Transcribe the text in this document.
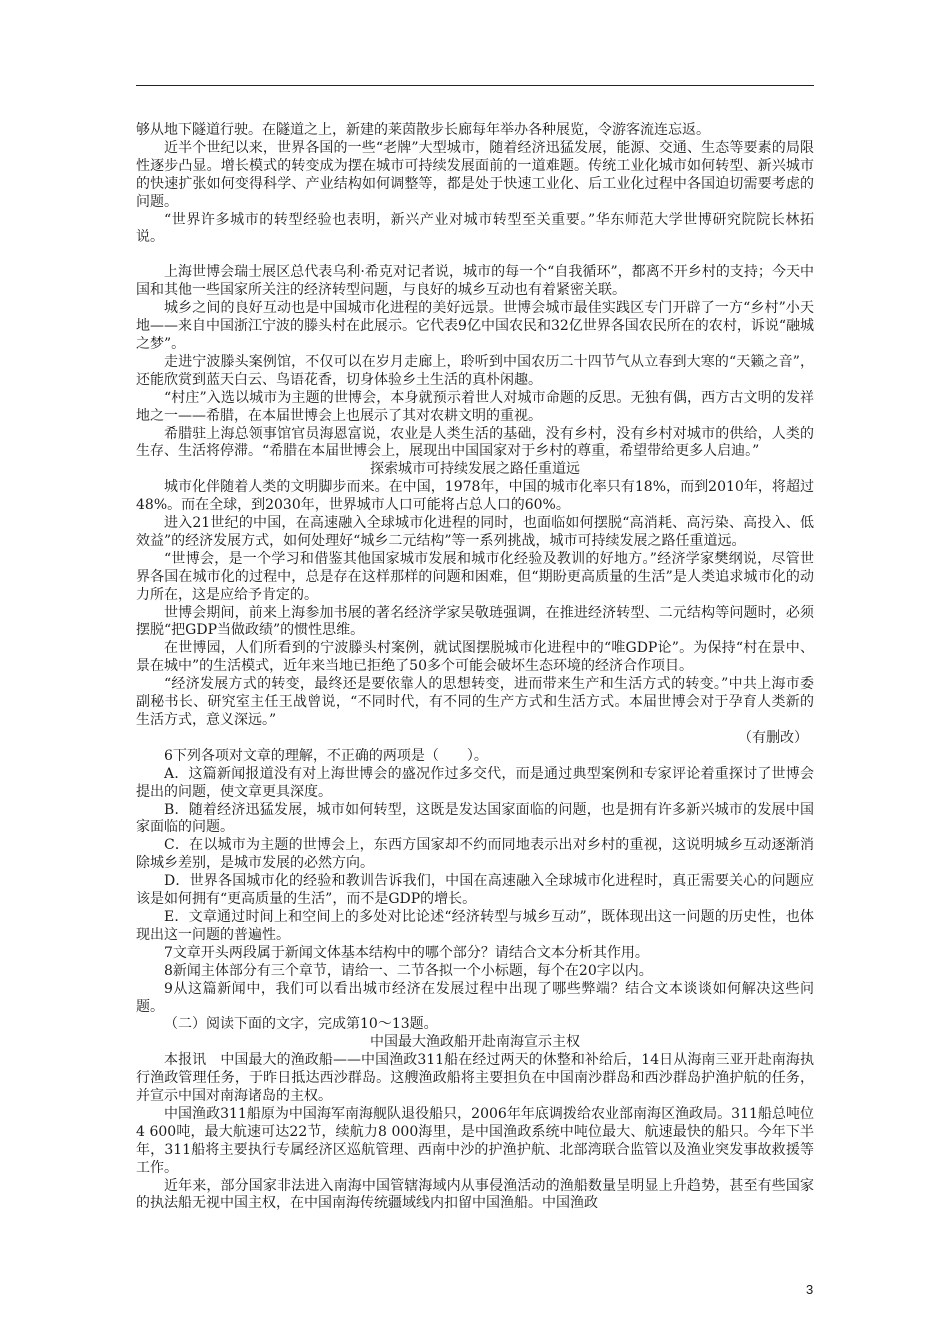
够从地下隧道行驶。在隧道之上，新建的莱茵散步长廊每年举办各种展览，令游客流连忘返。

近半个世纪以来，世界各国的一些“老牌”大型城市，随着经济迅猛发展，能源、交通、生态等要素的局限性逐步凸显。增长模式的转变成为摆在城市可持续发展面前的一道难题。传统工业化城市如何转型、新兴城市的快速扩张如何变得科学、产业结构如何调整等，都是处于快速工业化、后工业化过程中各国迫切需要考虑的问题。

“世界许多城市的转型经验也表明，新兴产业对城市转型至关重要。”华东师范大学世博研究院院长林拓说。

上海世博会瑞士展区总代表乌利·希克对记者说，城市的每一个“自我循环”，都离不开乡村的支持；今天中国和其他一些国家所关注的经济转型问题，与良好的城乡互动也有着紧密关联。

城乡之间的良好互动也是中国城市化进程的美好远景。世博会城市最佳实践区专门开辟了一方“乡村”小天地——来自中国浙江宁波的滕头村在此展示。它代表9亿中国农民和32亿世界各国农民所在的农村，诉说“融城之梦”。

走进宁波滕头案例馆，不仅可以在岁月走廊上，聆听到中国农历二十四节气从立春到大寒的“天籁之音”，还能欣赏到蓝天白云、鸟语花香，切身体验乡土生活的真朴闲趣。

“村庄”入选以城市为主题的世博会，本身就预示着世人对城市命题的反思。无独有偶，西方古文明的发祥地之一——希腊，在本届世博会上也展示了其对农耕文明的重视。

希腊驻上海总领事馆官员海恩富说，农业是人类生活的基础，没有乡村，没有乡村对城市的供给，人类的生存、生活将停滞。“希腊在本届世博会上，展现出中国国家对于乡村的尊重，希望带给更多人启迪。”

探索城市可持续发展之路任重道远

城市化伴随着人类的文明脚步而来。在中国，1978年，中国的城市化率只有18%，而到2010年，将超过48%。而在全球，到2030年，世界城市人口可能将占总人口的60%。

进入21世纪的中国，在高速融入全球城市化进程的同时，也面临如何摆脱“高消耗、高污染、高投入、低效益”的经济发展方式，如何处理好“城乡二元结构”等一系列挑战，城市可持续发展之路任重道远。

“世博会，是一个学习和借鉴其他国家城市发展和城市化经验及教训的好地方。”经济学家樊纲说，尽管世界各国在城市化的过程中，总是存在这样那样的问题和困难，但“期盼更高质量的生活”是人类追求城市化的动力所在，这是应给予肯定的。

世博会期间，前来上海参加书展的著名经济学家吴敬琏强调，在推进经济转型、二元结构等问题时，必须摆脱“把GDP当做政绩”的惯性思维。

在世博园，人们所看到的宁波滕头村案例，就试图摆脱城市化进程中的“唯GDP论”。为保持“村在景中、景在城中”的生活模式，近年来当地已拒绝了50多个可能会破坏生态环境的经济合作项目。

“经济发展方式的转变，最终还是要依靠人的思想转变，进而带来生产和生活方式的转变。”中共上海市委副秘书长、研究室主任王战曾说，“不同时代，有不同的生产方式和生活方式。本届世博会对于孕育人类新的生活方式，意义深远。”

（有删改）

6下列各项对文章的理解，不正确的两项是（　　）。

A．这篇新闻报道没有对上海世博会的盛况作过多交代，而是通过典型案例和专家评论着重探讨了世博会提出的问题，使文章更具深度。

B．随着经济迅猛发展，城市如何转型，这既是发达国家面临的问题，也是拥有许多新兴城市的发展中国家面临的问题。

C．在以城市为主题的世博会上，东西方国家却不约而同地表示出对乡村的重视，这说明城乡互动逐渐消除城乡差别，是城市发展的必然方向。

D．世界各国城市化的经验和教训告诉我们，中国在高速融入全球城市化进程时，真正需要关心的问题应该是如何拥有“更高质量的生活”，而不是GDP的增长。

E．文章通过时间上和空间上的多处对比论述“经济转型与城乡互动”，既体现出这一问题的历史性，也体现出这一问题的普遍性。

7文章开头两段属于新闻文体基本结构中的哪个部分？请结合文本分析其作用。

8新闻主体部分有三个章节，请给一、二节各拟一个小标题，每个在20字以内。

9从这篇新闻中，我们可以看出城市经济在发展过程中出现了哪些弊端？结合文本谈谈如何解决这些问题。

（二）阅读下面的文字，完成第10～13题。

中国最大渔政船开赴南海宣示主权

本报讯　中国最大的渔政船——中国渔政311船在经过两天的休整和补给后，14日从海南三亚开赴南海执行渔政管理任务，于昨日抵达西沙群岛。这艘渔政船将主要担负在中国南沙群岛和西沙群岛护渔护航的任务，并宣示中国对南海诸岛的主权。

中国渔政311船原为中国海军南海舰队退役船只，2006年年底调拨给农业部南海区渔政局。311船总吨位4 600吨，最大航速可达22节，续航力8 000海里，是中国渔政系统中吨位最大、航速最快的船只。今年下半年，311船将主要执行专属经济区巡航管理、西南中沙的护渔护航、北部湾联合监管以及渔业突发事故救援等工作。

近年来，部分国家非法进入南海中国管辖海域内从事侵渔活动的渔船数量呈明显上升趋势，甚至有些国家的执法船无视中国主权，在中国南海传统疆域线内扣留中国渔船。中国渔政

3
